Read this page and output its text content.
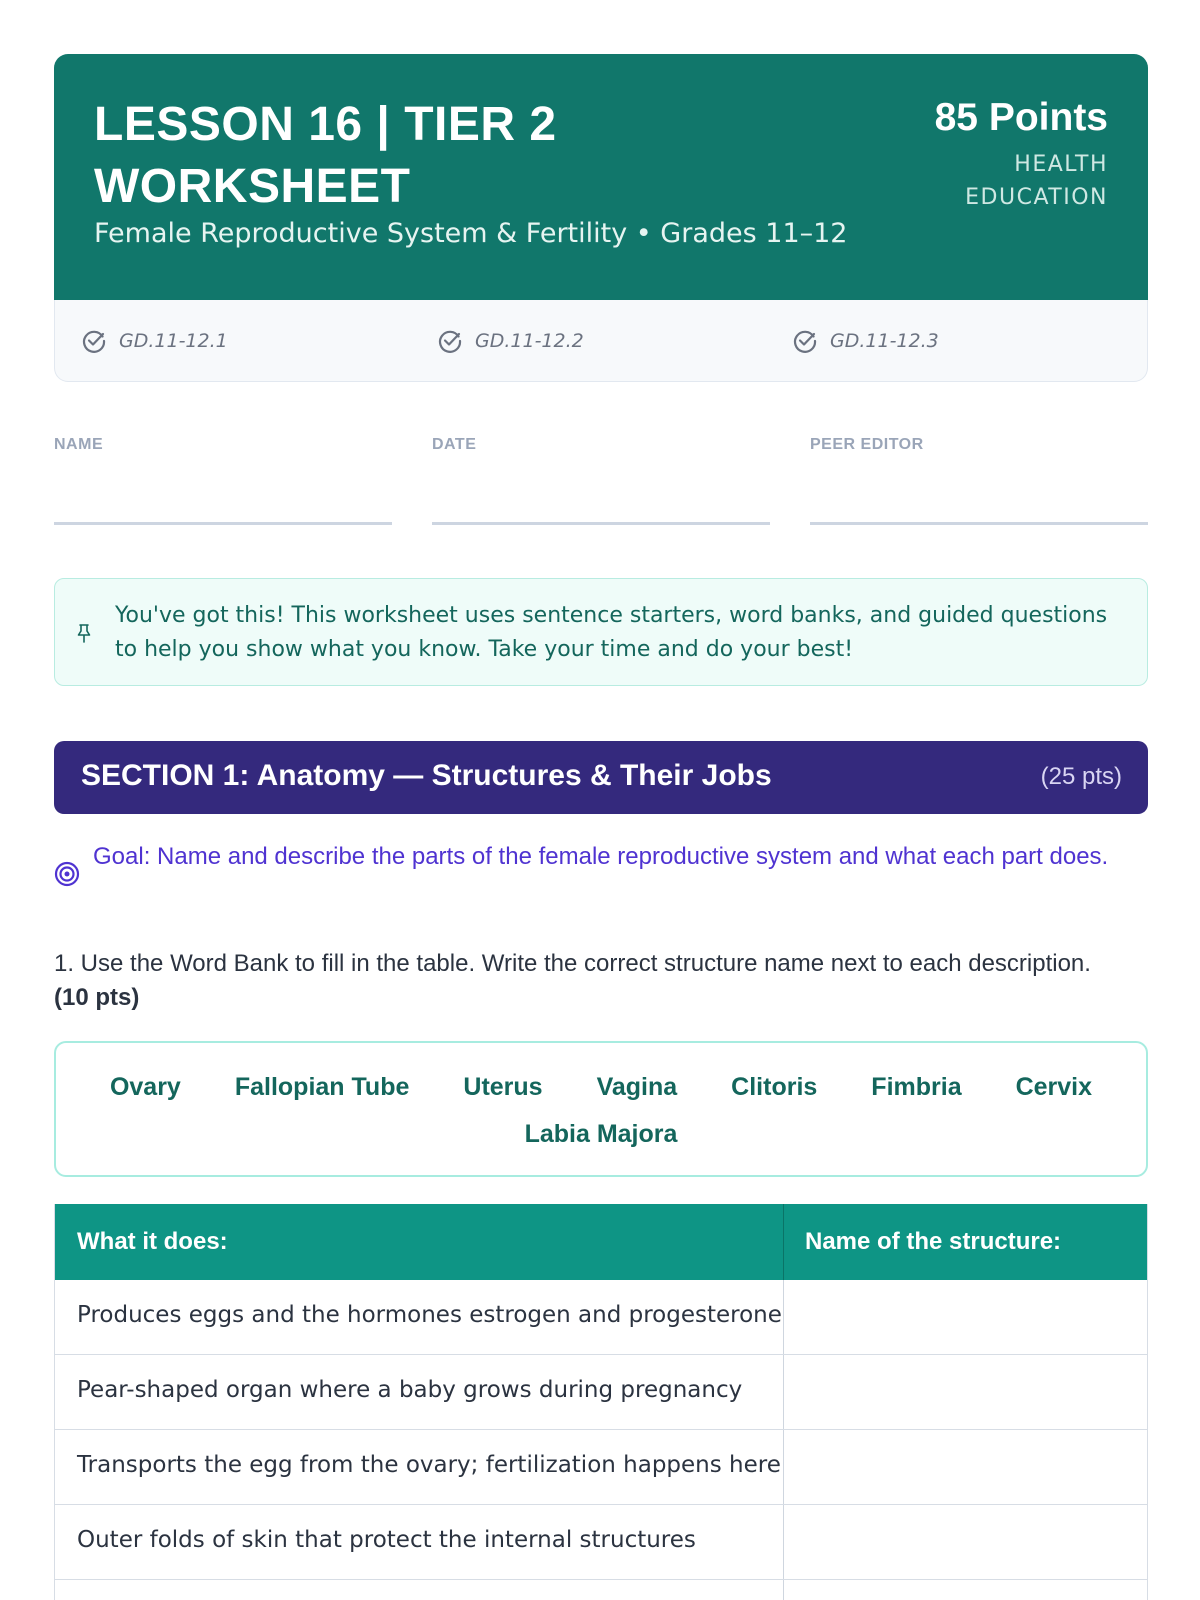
LESSON 16 | TIER 2 WORKSHEET
Female Reproductive System & Fertility • Grades 11–12
85 Points
HEALTH EDUCATION
GD.11-12.1	GD.11-12.2	GD.11-12.3
NAME	DATE	PEER EDITOR
You've got this! This worksheet uses sentence starters, word banks, and guided questions to help you show what you know. Take your time and do your best!
SECTION 1: Anatomy — Structures & Their Jobs	(25 pts)
Goal: Name and describe the parts of the female reproductive system and what each part does.
1. Use the Word Bank to fill in the table. Write the correct structure name next to each description.
(10 pts)
Ovary Fallopian Tube Uterus Vagina Clitoris Fimbria Cervix
Labia Majora
What it does:	Name of the structure:
Produces eggs and the hormones estrogen and progesterone
Pear-shaped organ where a baby grows during pregnancy
Transports the egg from the ovary; fertilization happens here
Outer folds of skin that protect the internal structures
